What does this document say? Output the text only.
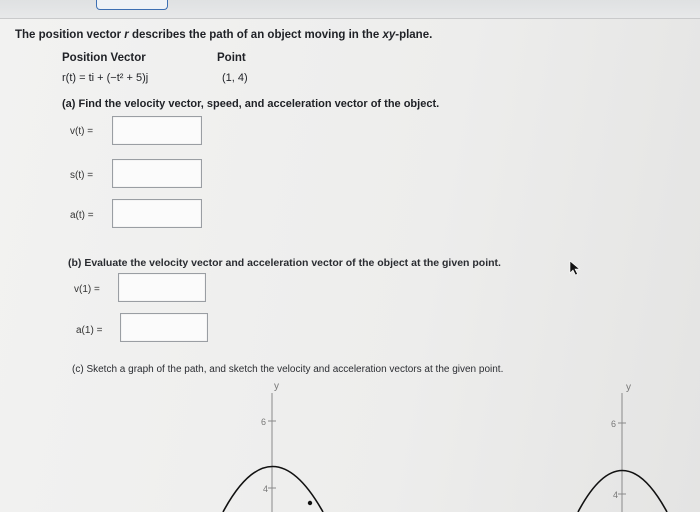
The position vector r describes the path of an object moving in the xy-plane.
Position Vector	Point
r(t) = ti + (−t² + 5)j	(1, 4)
(a) Find the velocity vector, speed, and acceleration vector of the object.
v(t) =
s(t) =
a(t) =
(b) Evaluate the velocity vector and acceleration vector of the object at the given point.
v(1) =
a(1) =
(c) Sketch a graph of the path, and sketch the velocity and acceleration vectors at the given point.
y
6
4
y
6
4
